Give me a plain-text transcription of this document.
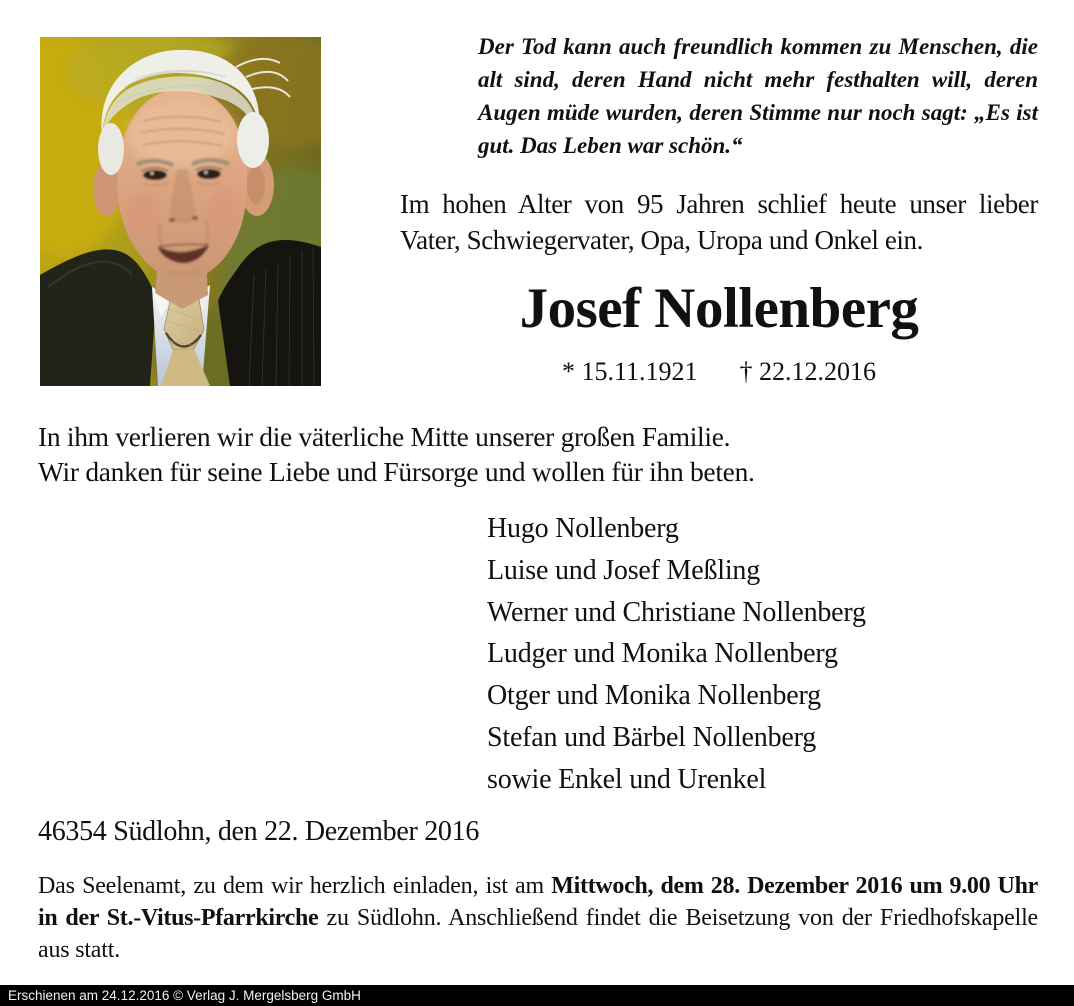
Der Tod kann auch freundlich kommen zu Menschen, die alt sind, deren Hand nicht mehr festhalten will, deren Augen müde wurden, deren Stimme nur noch sagt: „Es ist gut. Das Leben war schön.“
Im hohen Alter von 95 Jahren schlief heute unser lieber Vater, Schwiegervater, Opa, Uropa und Onkel ein.
Josef Nollenberg
* 15.11.1921 † 22.12.2016
In ihm verlieren wir die väterliche Mitte unserer großen Familie.
Wir danken für seine Liebe und Fürsorge und wollen für ihn beten.
Hugo Nollenberg
Luise und Josef Meßling
Werner und Christiane Nollenberg
Ludger und Monika Nollenberg
Otger und Monika Nollenberg
Stefan und Bärbel Nollenberg
sowie Enkel und Urenkel
46354 Südlohn, den 22. Dezember 2016

Das Seelenamt, zu dem wir herzlich einladen, ist am Mittwoch, dem 28. Dezember 2016 um 9.00 Uhr in der St.-Vitus-Pfarrkirche zu Südlohn. Anschließend findet die Beisetzung von der Friedhofskapelle aus statt.

Erschienen am 24.12.2016 © Verlag J. Mergelsberg GmbH
